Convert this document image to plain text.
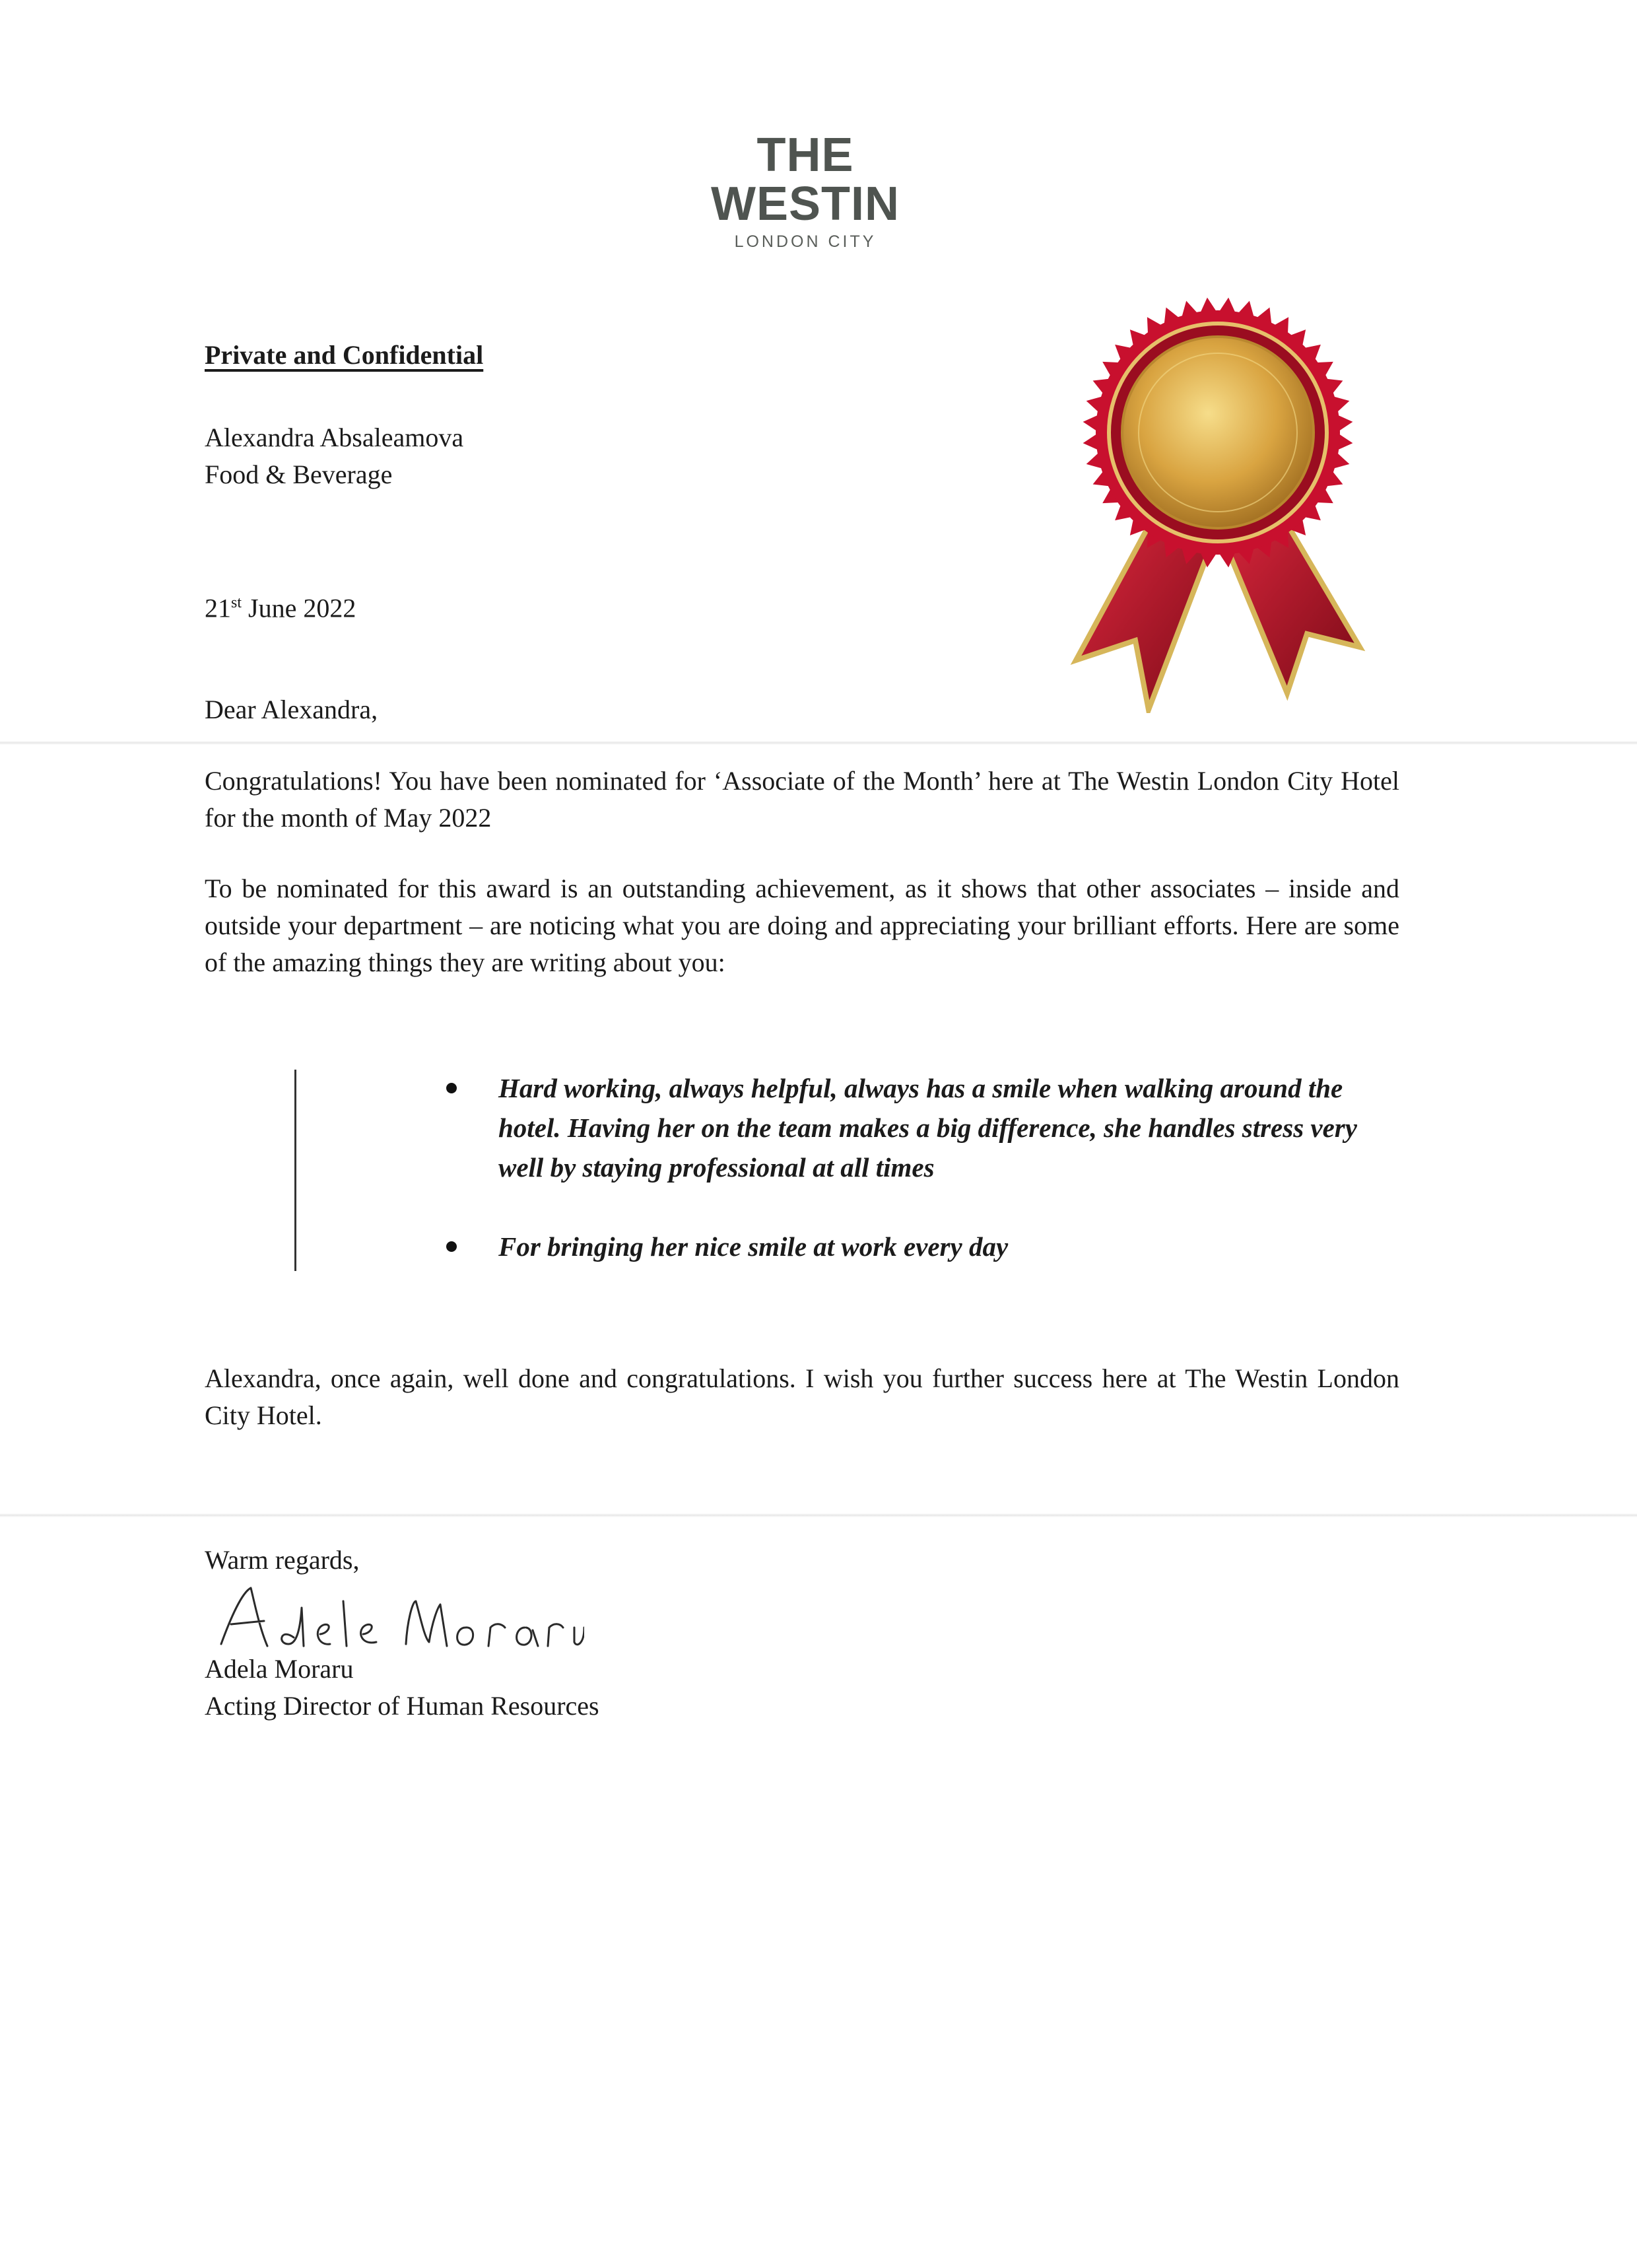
THE WESTIN
LONDON CITY
Private and Confidential
Alexandra Absaleamova
Food & Beverage
21st June 2022
Dear Alexandra,
Congratulations! You have been nominated for ‘Associate of the Month’ here at The Westin London City Hotel for the month of May 2022
To be nominated for this award is an outstanding achievement, as it shows that other associates – inside and outside your department – are noticing what you are doing and appreciating your brilliant efforts. Here are some of the amazing things they are writing about you:
Hard working, always helpful, always has a smile when walking around the hotel. Having her on the team makes a big difference, she handles stress very well by staying professional at all times
For bringing her nice smile at work every day
Alexandra, once again, well done and congratulations. I wish you further success here at The Westin London City Hotel.
Warm regards,
Adela Moraru
Acting Director of Human Resources
